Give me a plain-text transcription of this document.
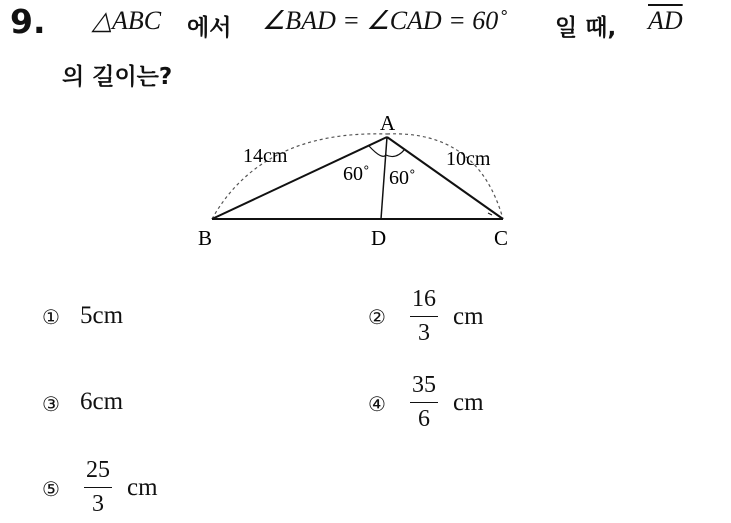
9. △ABC 에서 ∠BAD = ∠CAD = 60˚ 일 때, $\overline{AD}$
의 길이는?
A
B	C
D
14cm	10cm
60˚ 60˚
① 5cm	②
16
3
cm
③ 6cm	④
35
6
cm
⑤
25
3
cm
